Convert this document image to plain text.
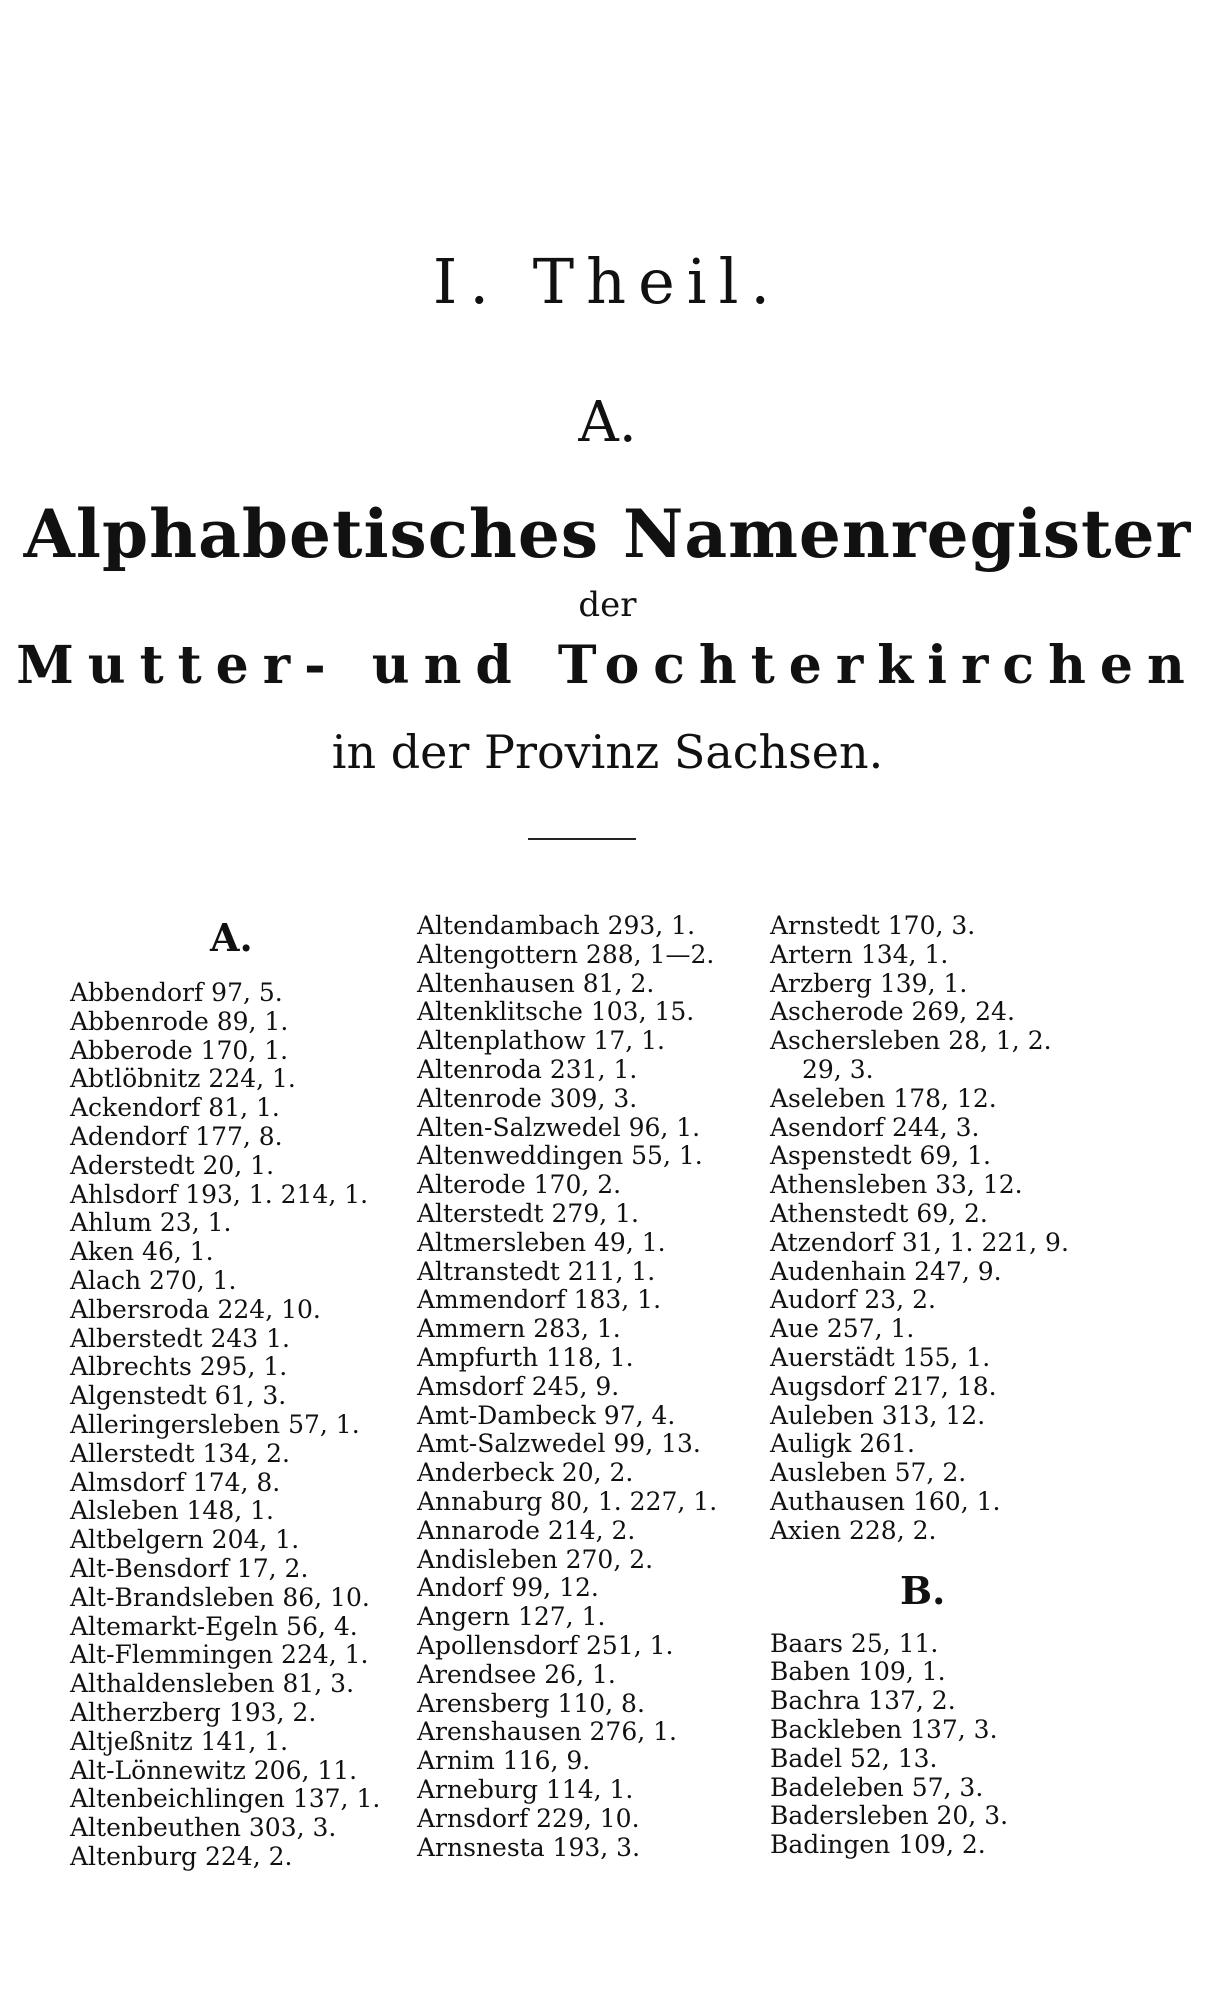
I. Theil.
A.
Alphabetisches Namenregister
der
Mutter- und Tochterkirchen
in der Provinz Sachsen.
A.
Abbendorf 97, 5.
Abbenrode 89, 1.
Abberode 170, 1.
Abtlöbnitz 224, 1.
Ackendorf 81, 1.
Adendorf 177, 8.
Aderstedt 20, 1.
Ahlsdorf 193, 1. 214, 1.
Ahlum 23, 1.
Aken 46, 1.
Alach 270, 1.
Albersroda 224, 10.
Alberstedt 243 1.
Albrechts 295, 1.
Algenstedt 61, 3.
Alleringersleben 57, 1.
Allerstedt 134, 2.
Almsdorf 174, 8.
Alsleben 148, 1.
Altbelgern 204, 1.
Alt-Bensdorf 17, 2.
Alt-Brandsleben 86, 10.
Altemarkt-Egeln 56, 4.
Alt-Flemmingen 224, 1.
Althaldensleben 81, 3.
Altherzberg 193, 2.
Altjeßnitz 141, 1.
Alt-Lönnewitz 206, 11.
Altenbeichlingen 137, 1.
Altenbeuthen 303, 3.
Altenburg 224, 2.
Altendambach 293, 1.
Altengottern 288, 1—2.
Altenhausen 81, 2.
Altenklitsche 103, 15.
Altenplathow 17, 1.
Altenroda 231, 1.
Altenrode 309, 3.
Alten-Salzwedel 96, 1.
Altenweddingen 55, 1.
Alterode 170, 2.
Alterstedt 279, 1.
Altmersleben 49, 1.
Altranstedt 211, 1.
Ammendorf 183, 1.
Ammern 283, 1.
Ampfurth 118, 1.
Amsdorf 245, 9.
Amt-Dambeck 97, 4.
Amt-Salzwedel 99, 13.
Anderbeck 20, 2.
Annaburg 80, 1. 227, 1.
Annarode 214, 2.
Andisleben 270, 2.
Andorf 99, 12.
Angern 127, 1.
Apollensdorf 251, 1.
Arendsee 26, 1.
Arensberg 110, 8.
Arenshausen 276, 1.
Arnim 116, 9.
Arneburg 114, 1.
Arnsdorf 229, 10.
Arnsnesta 193, 3.
Arnstedt 170, 3.
Artern 134, 1.
Arzberg 139, 1.
Ascherode 269, 24.
Aschersleben 28, 1, 2.
29, 3.
Aseleben 178, 12.
Asendorf 244, 3.
Aspenstedt 69, 1.
Athensleben 33, 12.
Athenstedt 69, 2.
Atzendorf 31, 1. 221, 9.
Audenhain 247, 9.
Audorf 23, 2.
Aue 257, 1.
Auerstädt 155, 1.
Augsdorf 217, 18.
Auleben 313, 12.
Auligk 261.
Ausleben 57, 2.
Authausen 160, 1.
Axien 228, 2.
B.
Baars 25, 11.
Baben 109, 1.
Bachra 137, 2.
Backleben 137, 3.
Badel 52, 13.
Badeleben 57, 3.
Badersleben 20, 3.
Badingen 109, 2.
